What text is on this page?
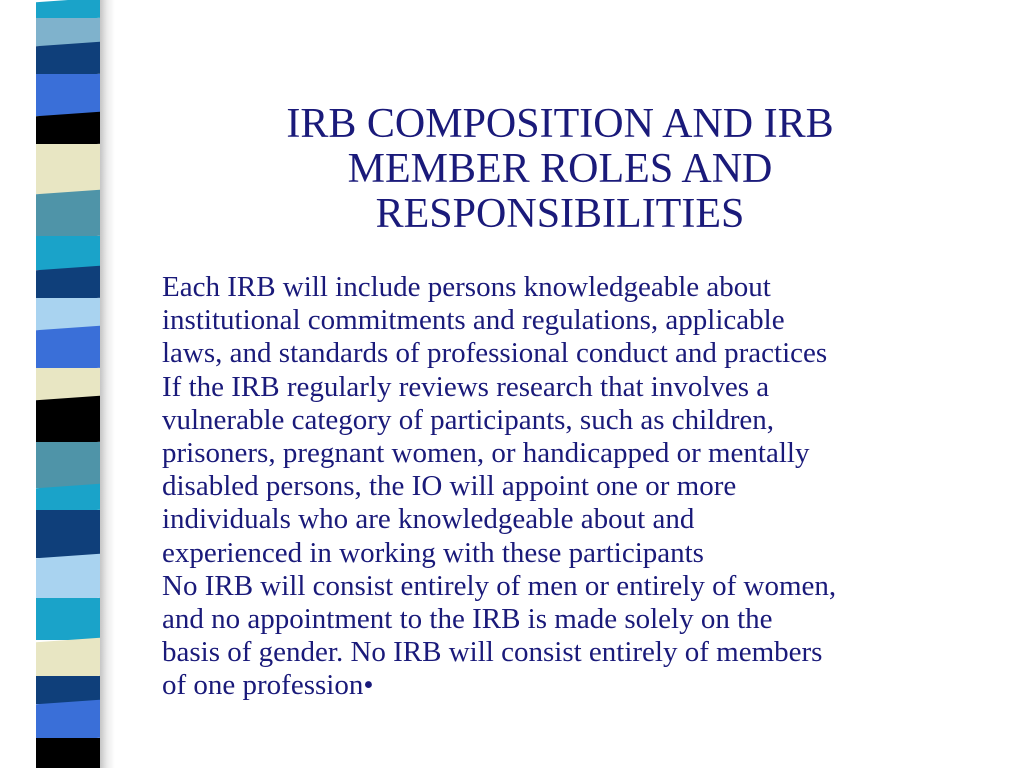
IRB COMPOSITION AND IRB
MEMBER ROLES AND
RESPONSIBILITIES
Each IRB will include persons knowledgeable about
institutional commitments and regulations, applicable
laws, and standards of professional conduct and practices
If the IRB regularly reviews research that involves a
vulnerable category of participants, such as children,
prisoners, pregnant women, or handicapped or mentally
disabled persons, the IO will appoint one or more
individuals who are knowledgeable about and
experienced in working with these participants
No IRB will consist entirely of men or entirely of women,
and no appointment to the IRB is made solely on the
basis of gender. No IRB will consist entirely of members
of one profession•
